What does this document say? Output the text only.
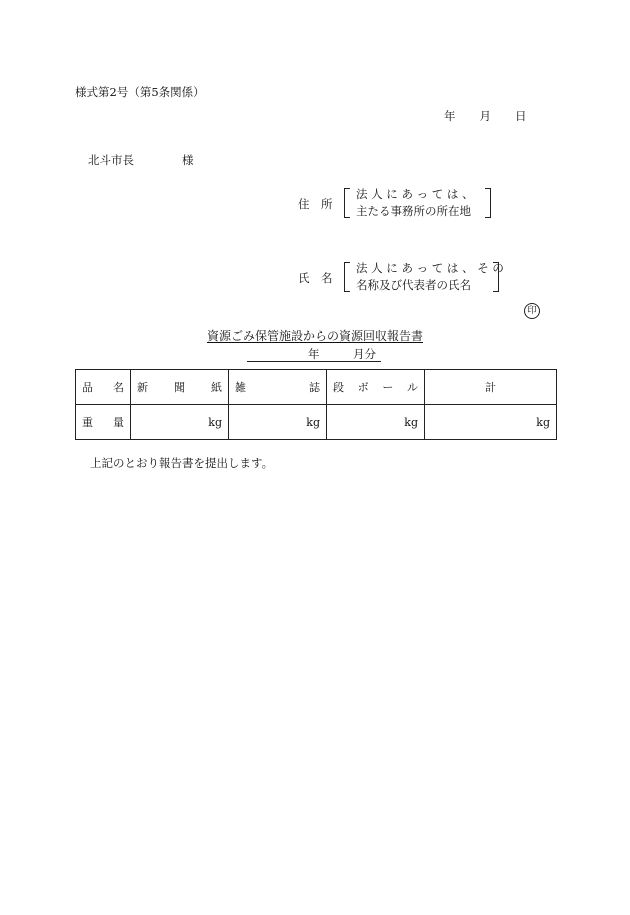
様式第2号（第5条関係）
年 月 日
北斗市長	様
住　所
法 人 に あ っ て は 、
主たる事務所の所在地
氏　名
法 人 に あ っ て は 、 そ の
名称及び代表者の氏名
印
資源ごみ保管施設からの資源回収報告書
年	月分
品 名	新 聞 紙	雑 誌	段 ボ ー ル	計

重 量	kg	kg	kg	kg
上記のとおり報告書を提出します。
